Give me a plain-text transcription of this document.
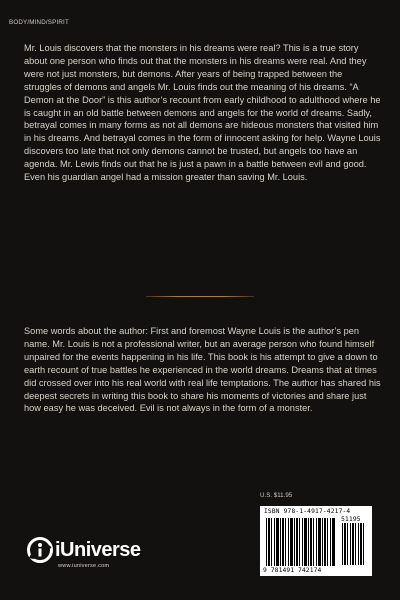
BODY/MIND/SPIRIT

Mr. Louis discovers that the monsters in his dreams were real? This is a true story about one person who finds out that the monsters in his dreams were real. And they were not just monsters, but demons. After years of being trapped between the struggles of demons and angels Mr. Louis finds out the meaning of his dreams. “A Demon at the Door” is this author’s recount from early childhood to adulthood where he is caught in an old battle between demons and angels for the world of dreams. Sadly, betrayal comes in many forms as not all demons are hideous monsters that visited him in his dreams. And betrayal comes in the form of innocent asking for help. Wayne Louis discovers too late that not only demons cannot be trusted, but angels too have an agenda. Mr. Lewis finds out that he is just a pawn in a battle between evil and good. Even his guardian angel had a mission greater than saving Mr. Louis.

Some words about the author: First and foremost Wayne Louis is the author’s pen name. Mr. Louis is not a professional writer, but an average person who found himself unpaired for the events happening in his life. This book is his attempt to give a down to earth recount of true battles he experienced in the world dreams. Dreams that at times did crossed over into his real world with real life temptations. The author has shared his deepest secrets in writing this book to share his moments of victories and share just how easy he was deceived. Evil is not always in the form of a monster.

U.S. $11.95
ISBN 978-1-4917-4217-4
51195
9 781491 742174
iUniverse
www.iuniverse.com
